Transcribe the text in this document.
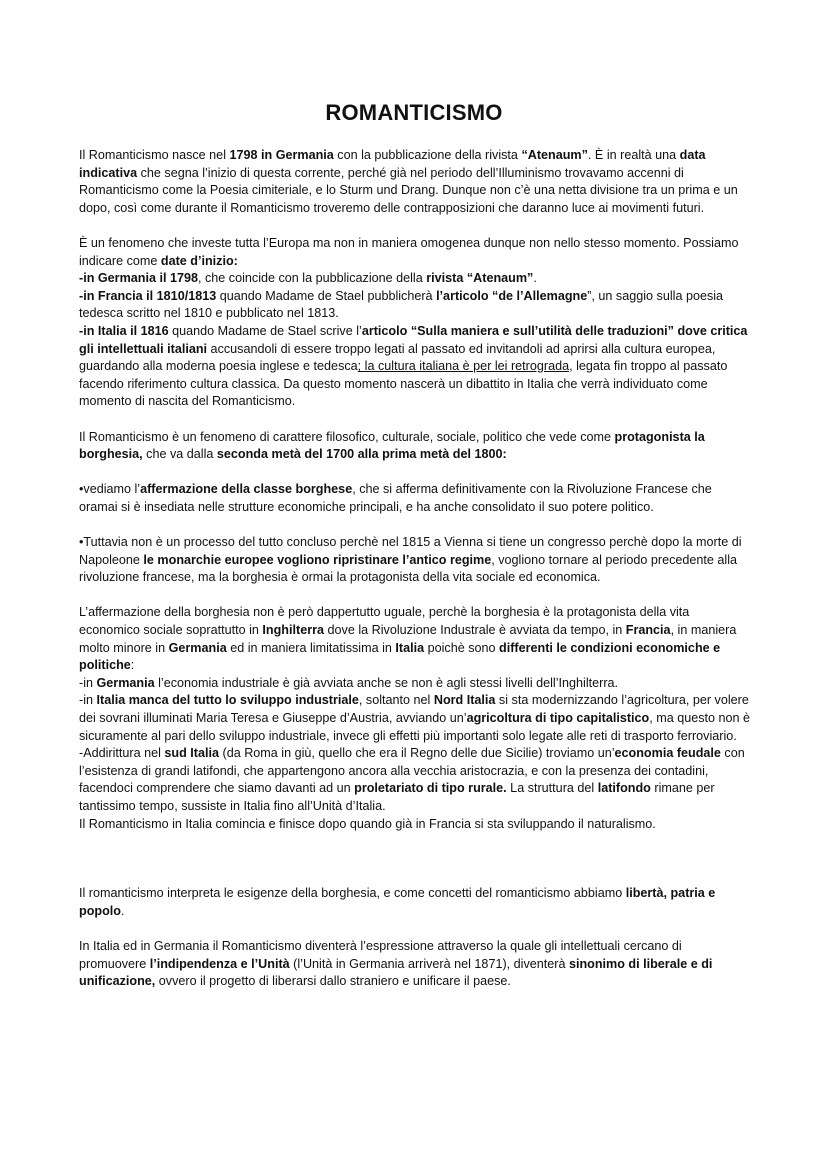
ROMANTICISMO

Il Romanticismo nasce nel 1798 in Germania con la pubblicazione della rivista “Atenaum”. È in realtà una data indicativa che segna l’inizio di questa corrente, perché già nel periodo dell’Illuminismo trovavamo accenni di Romanticismo come la Poesia cimiteriale, e lo Sturm und Drang. Dunque non c’è una netta divisione tra un prima e un dopo, così come durante il Romanticismo troveremo delle contrapposizioni che daranno luce ai movimenti futuri.

È un fenomeno che investe tutta l’Europa ma non in maniera omogenea dunque non nello stesso momento. Possiamo indicare come date d’inizio:

-in Germania il 1798, che coincide con la pubblicazione della rivista “Atenaum”.

-in Francia il 1810/1813 quando Madame de Stael pubblicherà l’articolo “de l’Allemagne”, un saggio sulla poesia tedesca scritto nel 1810 e pubblicato nel 1813.

-in Italia il 1816 quando Madame de Stael scrive l’articolo “Sulla maniera e sull’utilità delle traduzioni” dove critica gli intellettuali italiani accusandoli di essere troppo legati al passato ed invitandoli ad aprirsi alla cultura europea, guardando alla moderna poesia inglese e tedesca; la cultura italiana è per lei retrograda, legata fin troppo al passato facendo riferimento cultura classica. Da questo momento nascerà un dibattito in Italia che verrà individuato come momento di nascita del Romanticismo.

Il Romanticismo è un fenomeno di carattere filosofico, culturale, sociale, politico che vede come protagonista la borghesia, che va dalla seconda metà del 1700 alla prima metà del 1800:

•vediamo l’affermazione della classe borghese, che si afferma definitivamente con la Rivoluzione Francese che oramai si è insediata nelle strutture economiche principali, e ha anche consolidato il suo potere politico.

•Tuttavia non è un processo del tutto concluso perchè nel 1815 a Vienna si tiene un congresso perchè dopo la morte di Napoleone le monarchie europee vogliono ripristinare l’antico regime, vogliono tornare al periodo precedente alla rivoluzione francese, ma la borghesia è ormai la protagonista della vita sociale ed economica.

L’affermazione della borghesia non è però dappertutto uguale, perchè la borghesia è la protagonista della vita economico sociale soprattutto in Inghilterra dove la Rivoluzione Industrale è avviata da tempo, in Francia, in maniera molto minore in Germania ed in maniera limitatissima in Italia poichè sono differenti le condizioni economiche e politiche:

-in Germania l’economia industriale è già avviata anche se non è agli stessi livelli dell’Inghilterra.

-in Italia manca del tutto lo sviluppo industriale, soltanto nel Nord Italia si sta modernizzando l’agricoltura, per volere dei sovrani illuminati Maria Teresa e Giuseppe d’Austria, avviando un’agricoltura di tipo capitalistico, ma questo non è sicuramente al pari dello sviluppo industriale, invece gli effetti più importanti solo legate alle reti di trasporto ferroviario.

-Addirittura nel sud Italia (da Roma in giù, quello che era il Regno delle due Sicilie) troviamo un’economia feudale con l’esistenza di grandi latifondi, che appartengono ancora alla vecchia aristocrazia, e con la presenza dei contadini, facendoci comprendere che siamo davanti ad un proletariato di tipo rurale. La struttura del latifondo rimane per tantissimo tempo, sussiste in Italia fino all’Unità d’Italia.

Il Romanticismo in Italia comincia e finisce dopo quando già in Francia si sta sviluppando il naturalismo.

Il romanticismo interpreta le esigenze della borghesia, e come concetti del romanticismo abbiamo libertà, patria e popolo.

In Italia ed in Germania il Romanticismo diventerà l’espressione attraverso la quale gli intellettuali cercano di promuovere l’indipendenza e l’Unità (l’Unità in Germania arriverà nel 1871), diventerà sinonimo di liberale e di unificazione, ovvero il progetto di liberarsi dallo straniero e unificare il paese.
